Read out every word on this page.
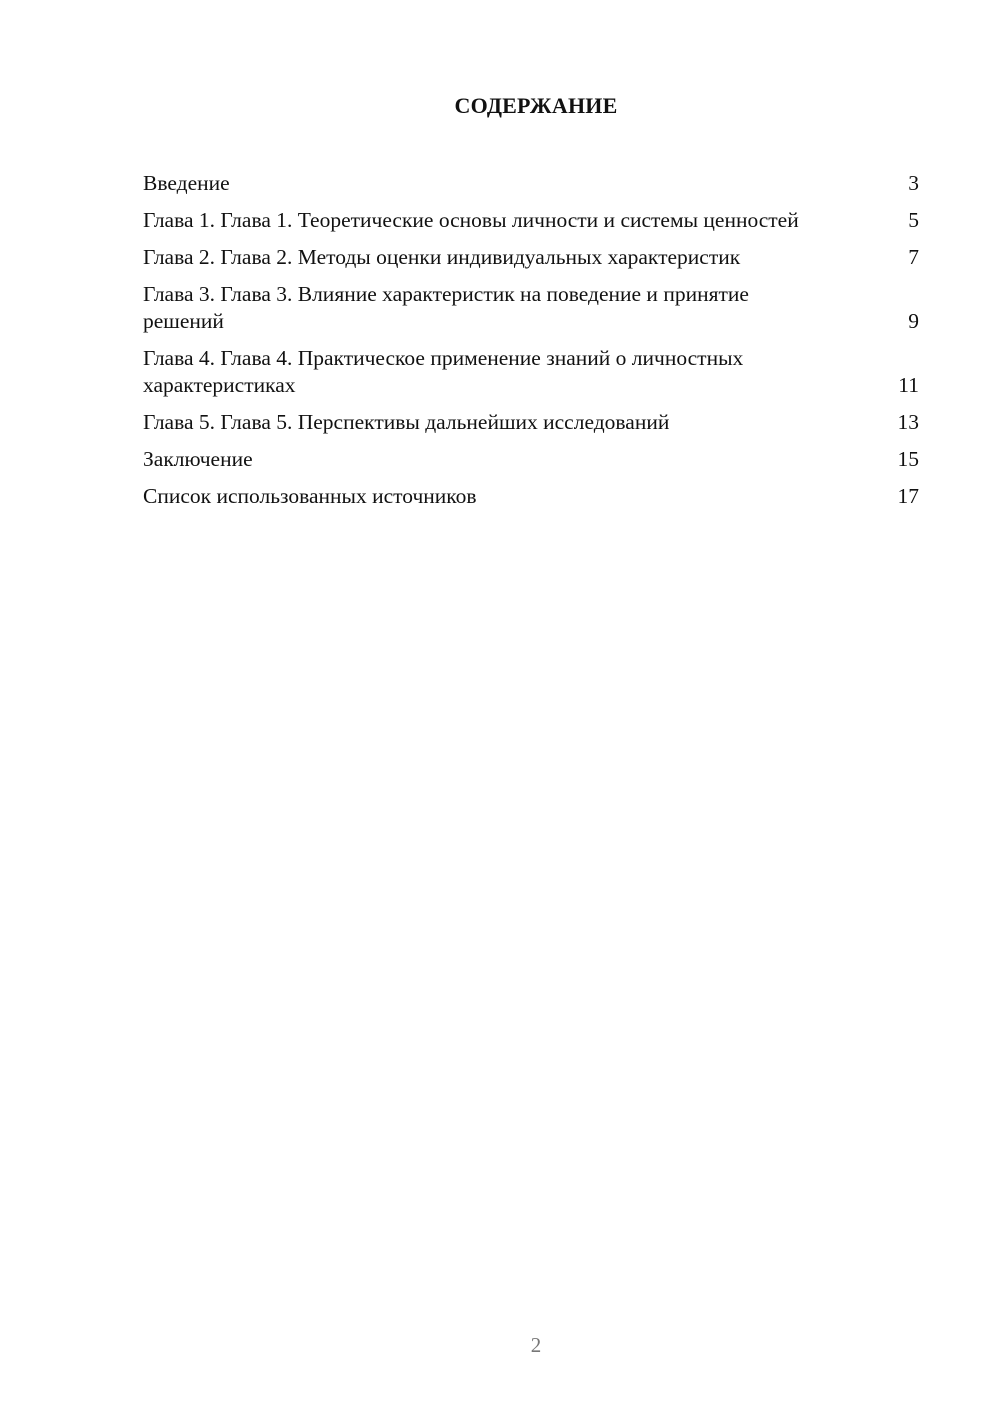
СОДЕРЖАНИЕ
Введение	3
Глава 1. Глава 1. Теоретические основы личности и системы ценностей	5
Глава 2. Глава 2. Методы оценки индивидуальных характеристик	7
Глава 3. Глава 3. Влияние характеристик на поведение и принятие решений	9
Глава 4. Глава 4. Практическое применение знаний о личностных характеристиках	11
Глава 5. Глава 5. Перспективы дальнейших исследований	13
Заключение	15
Список использованных источников	17
2
